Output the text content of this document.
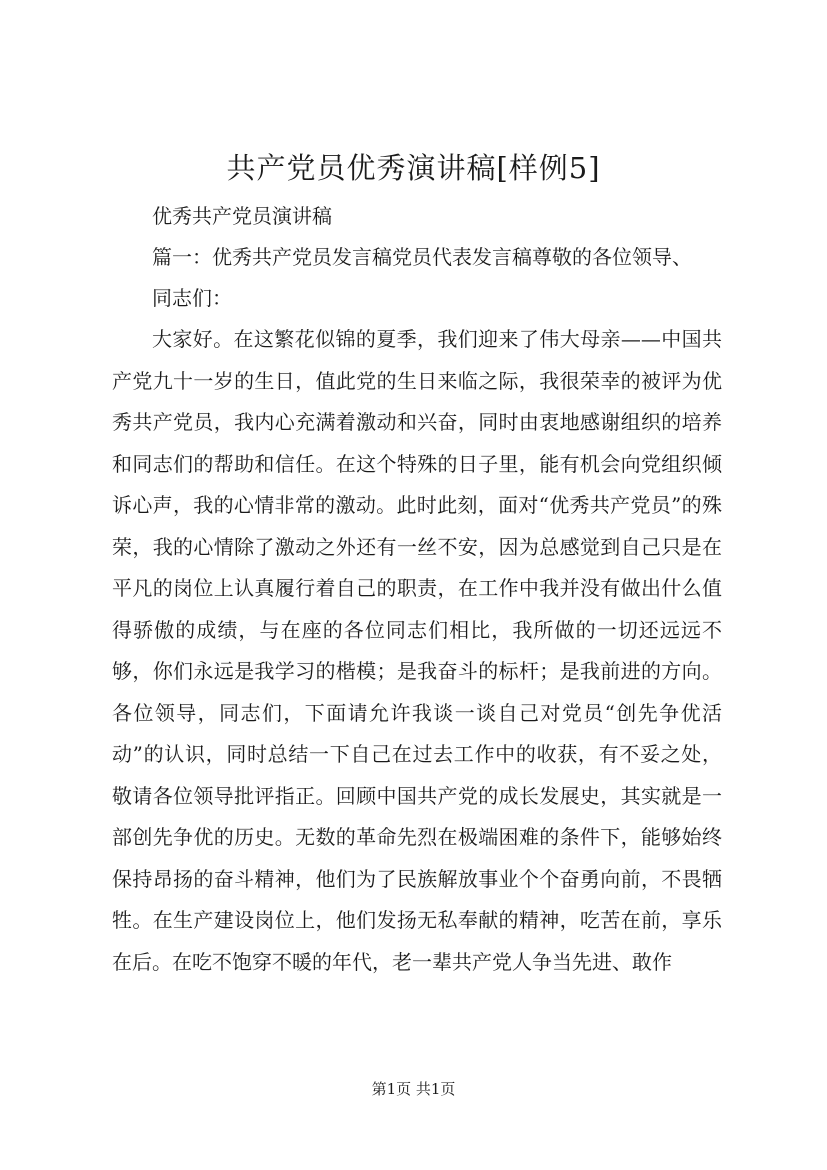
共产党员优秀演讲稿[样例5]

优秀共产党员演讲稿

篇一：优秀共产党员发言稿党员代表发言稿尊敬的各位领导、

同志们：

大家好。在这繁花似锦的夏季，我们迎来了伟大母亲——中国共产党九十一岁的生日，值此党的生日来临之际，我很荣幸的被评为优秀共产党员，我内心充满着激动和兴奋，同时由衷地感谢组织的培养和同志们的帮助和信任。在这个特殊的日子里，能有机会向党组织倾诉心声，我的心情非常的激动。此时此刻，面对“优秀共产党员”的殊荣，我的心情除了激动之外还有一丝不安，因为总感觉到自己只是在平凡的岗位上认真履行着自己的职责，在工作中我并没有做出什么值得骄傲的成绩，与在座的各位同志们相比，我所做的一切还远远不够，你们永远是我学习的楷模；是我奋斗的标杆；是我前进的方向。各位领导，同志们，下面请允许我谈一谈自己对党员“创先争优活动”的认识，同时总结一下自己在过去工作中的收获，有不妥之处，敬请各位领导批评指正。回顾中国共产党的成长发展史，其实就是一部创先争优的历史。无数的革命先烈在极端困难的条件下，能够始终保持昂扬的奋斗精神，他们为了民族解放事业个个奋勇向前，不畏牺牲。在生产建设岗位上，他们发扬无私奉献的精神，吃苦在前，享乐在后。在吃不饱穿不暖的年代，老一辈共产党人争当先进、敢作

第1页 共1页
